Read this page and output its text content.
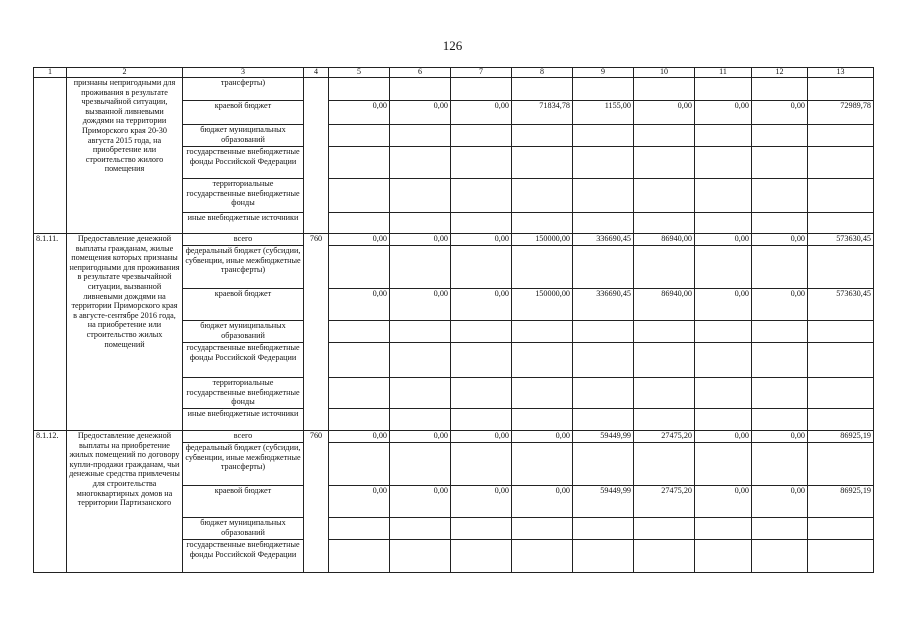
126
1	2	3	4	5	6	7	8	9	10	11	12	13
	признаны непригодными для проживания в результате чрезвычайной ситуации, вызванной ливневыми дождями на территории Приморского края 20-30 августа 2015 года, на приобретение или строительство жилого помещения	трансферты)										
		краевой бюджет		0,00	0,00	0,00	71834,78	1155,00	0,00	0,00	0,00	72989,78
		бюджет муниципальных образований										
		государственные внебюджетные фонды Российской Федерации										
		территориальные государственные внебюджетные фонды										
		иные внебюджетные источники										
8.1.11.	Предоставление денежной выплаты гражданам, жилые помещения которых признаны непригодными для проживания в результате чрезвычайной ситуации, вызванной ливневыми дождями на территории Приморского края в августе-сентябре 2016 года, на приобретение или строительство жилых помещений	всего	760	0,00	0,00	0,00	150000,00	336690,45	86940,00	0,00	0,00	573630,45
		федеральный бюджет (субсидии, субвенции, иные межбюджетные трансферты)										
		краевой бюджет		0,00	0,00	0,00	150000,00	336690,45	86940,00	0,00	0,00	573630,45
		бюджет муниципальных образований										
		государственные внебюджетные фонды Российской Федерации										
		территориальные государственные внебюджетные фонды										
		иные внебюджетные источники										
8.1.12.	Предоставление денежной выплаты на приобретение жилых помещений по договору купли-продажи гражданам, чьи денежные средства привлечены для строительства многоквартирных домов на территории Партизанского	всего	760	0,00	0,00	0,00	0,00	59449,99	27475,20	0,00	0,00	86925,19
		федеральный бюджет (субсидии, субвенции, иные межбюджетные трансферты)										
		краевой бюджет		0,00	0,00	0,00	0,00	59449,99	27475,20	0,00	0,00	86925,19
		бюджет муниципальных образований										
		государственные внебюджетные фонды Российской Федерации										
